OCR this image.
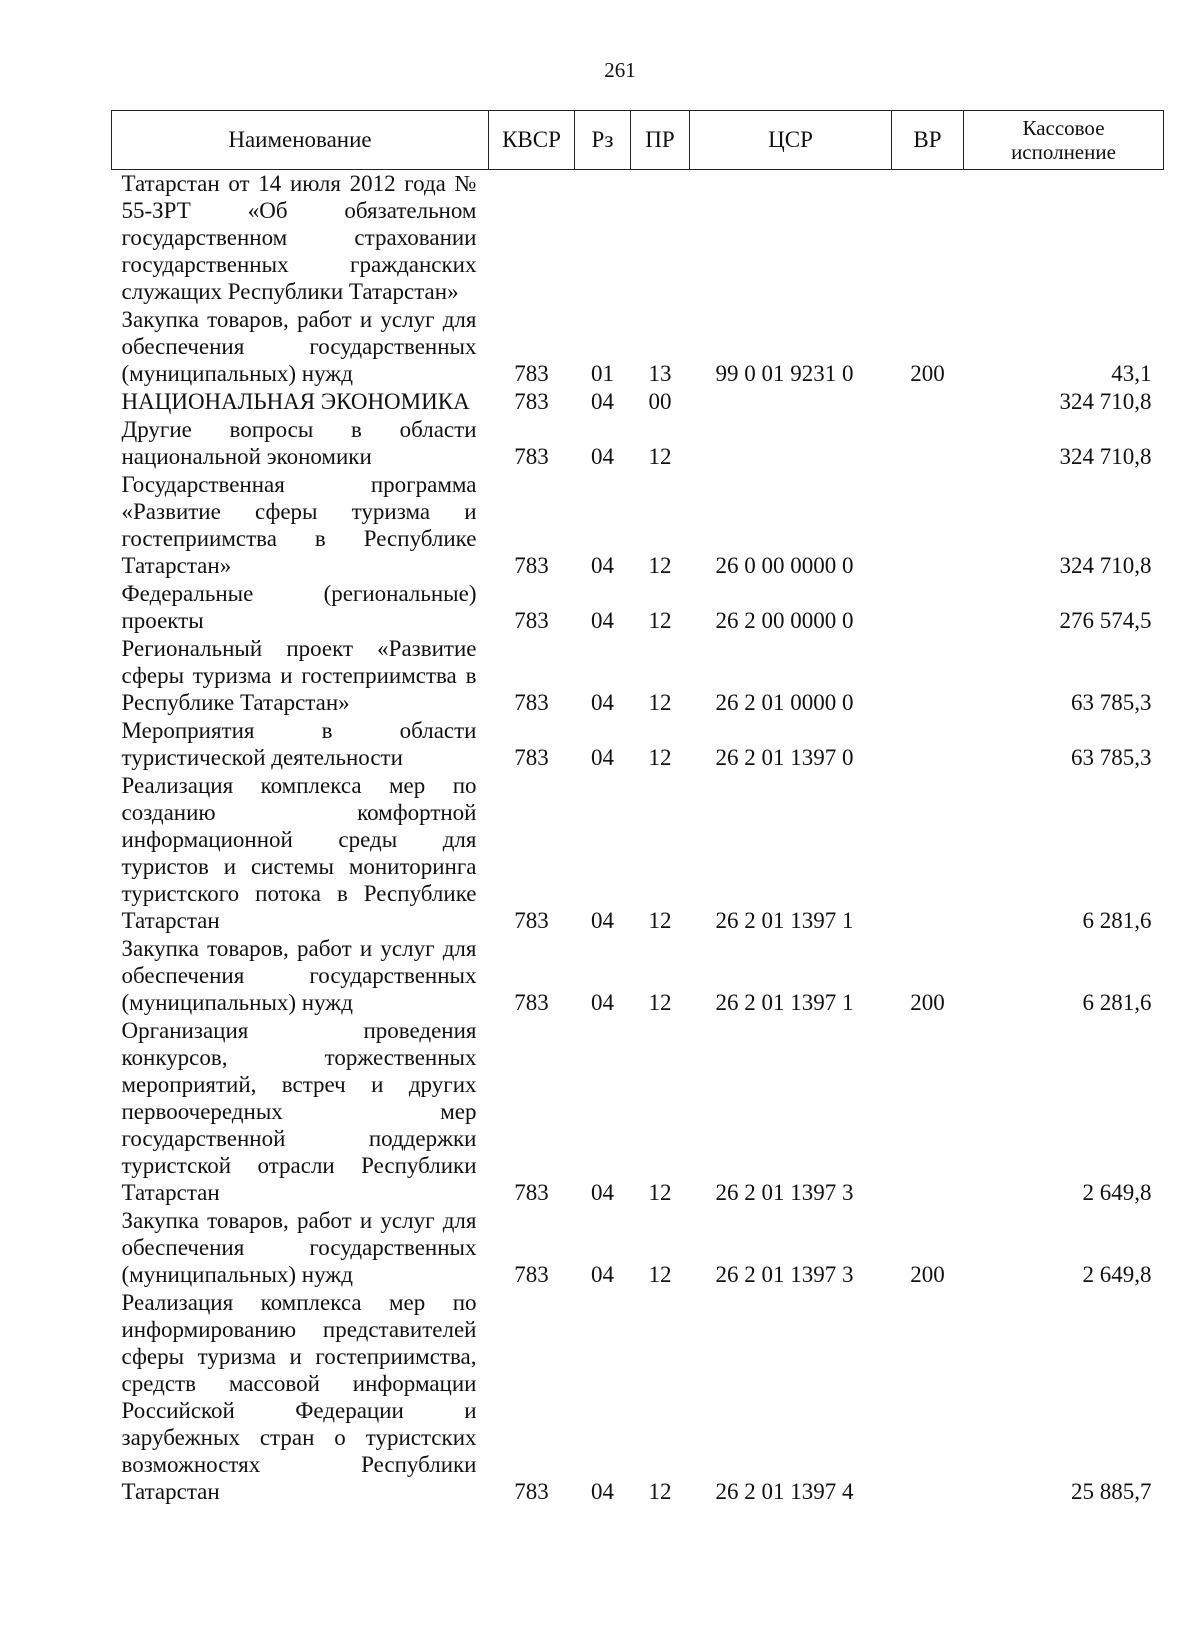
261
Наименование	КВСР	Рз	ПР	ЦСР	ВР	Кассовое исполнение
Татарстан от 14 июля 2012 года № 55-ЗРТ «Об обязательном государственном страховании государственных гражданских служащих Республики Татарстан»						
Закупка товаров, работ и услуг для обеспечения государственных (муниципальных) нужд	783	01	13	99 0 01 9231 0	200	43,1
НАЦИОНАЛЬНАЯ ЭКОНОМИКА	783	04	00			324 710,8
Другие вопросы в области национальной экономики	783	04	12			324 710,8
Государственная программа «Развитие сферы туризма и гостеприимства в Республике Татарстан»	783	04	12	26 0 00 0000 0		324 710,8
Федеральные (региональные) проекты	783	04	12	26 2 00 0000 0		276 574,5
Региональный проект «Развитие сферы туризма и гостеприимства в Республике Татарстан»	783	04	12	26 2 01 0000 0		63 785,3
Мероприятия в области туристической деятельности	783	04	12	26 2 01 1397 0		63 785,3
Реализация комплекса мер по созданию комфортной информационной среды для туристов и системы мониторинга туристского потока в Республике Татарстан	783	04	12	26 2 01 1397 1		6 281,6
Закупка товаров, работ и услуг для обеспечения государственных (муниципальных) нужд	783	04	12	26 2 01 1397 1	200	6 281,6
Организация проведения конкурсов, торжественных мероприятий, встреч и других первоочередных мер государственной поддержки туристской отрасли Республики Татарстан	783	04	12	26 2 01 1397 3		2 649,8
Закупка товаров, работ и услуг для обеспечения государственных (муниципальных) нужд	783	04	12	26 2 01 1397 3	200	2 649,8
Реализация комплекса мер по информированию представителей сферы туризма и гостеприимства, средств массовой информации Российской Федерации и зарубежных стран о туристских возможностях Республики Татарстан	783	04	12	26 2 01 1397 4		25 885,7
